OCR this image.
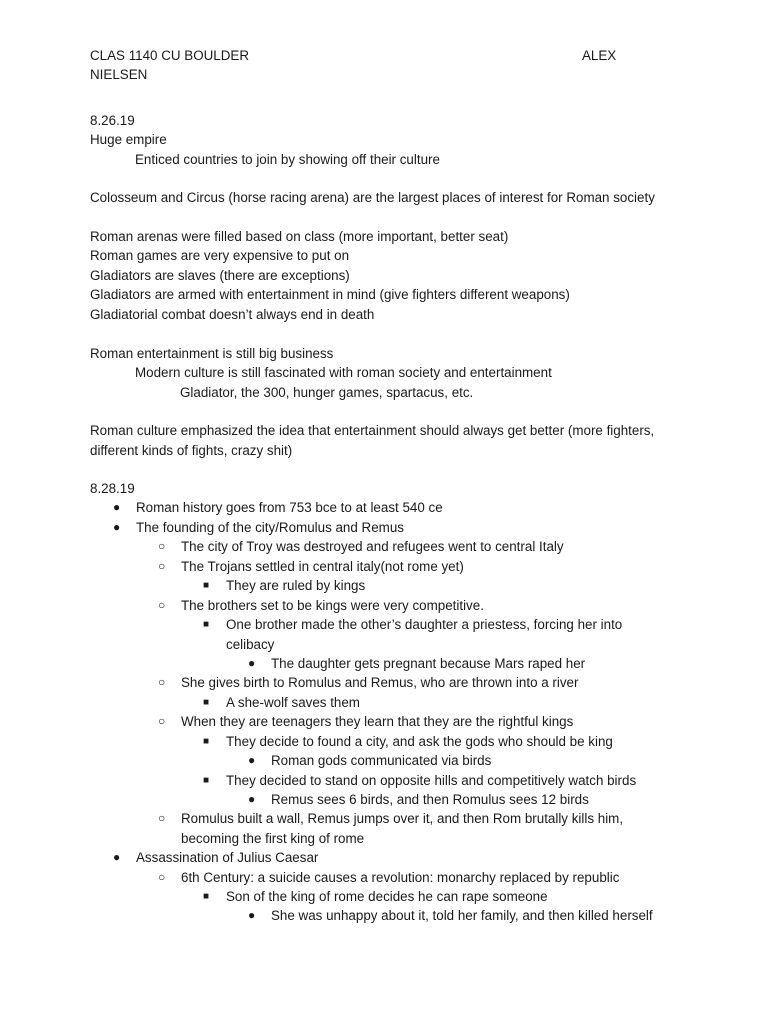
CLAS 1140 CU BOULDER	ALEX
NIELSEN
8.26.19
Huge empire
Enticed countries to join by showing off their culture
Colosseum and Circus (horse racing arena) are the largest places of interest for Roman society
Roman arenas were filled based on class (more important, better seat)
Roman games are very expensive to put on
Gladiators are slaves (there are exceptions)
Gladiators are armed with entertainment in mind (give fighters different weapons)
Gladiatorial combat doesn’t always end in death
Roman entertainment is still big business
Modern culture is still fascinated with roman society and entertainment
Gladiator, the 300, hunger games, spartacus, etc.
Roman culture emphasized the idea that entertainment should always get better (more fighters,
different kinds of fights, crazy shit)
8.28.19
● Roman history goes from 753 bce to at least 540 ce
● The founding of the city/Romulus and Remus
○ The city of Troy was destroyed and refugees went to central Italy
○ The Trojans settled in central italy(not rome yet)
■ They are ruled by kings
○ The brothers set to be kings were very competitive.
■ One brother made the other’s daughter a priestess, forcing her into
celibacy
● The daughter gets pregnant because Mars raped her
○ She gives birth to Romulus and Remus, who are thrown into a river
■ A she-wolf saves them
○ When they are teenagers they learn that they are the rightful kings
■ They decide to found a city, and ask the gods who should be king
● Roman gods communicated via birds
■ They decided to stand on opposite hills and competitively watch birds
● Remus sees 6 birds, and then Romulus sees 12 birds
○ Romulus built a wall, Remus jumps over it, and then Rom brutally kills him,
becoming the first king of rome
● Assassination of Julius Caesar
○ 6th Century: a suicide causes a revolution: monarchy replaced by republic
■ Son of the king of rome decides he can rape someone
● She was unhappy about it, told her family, and then killed herself
